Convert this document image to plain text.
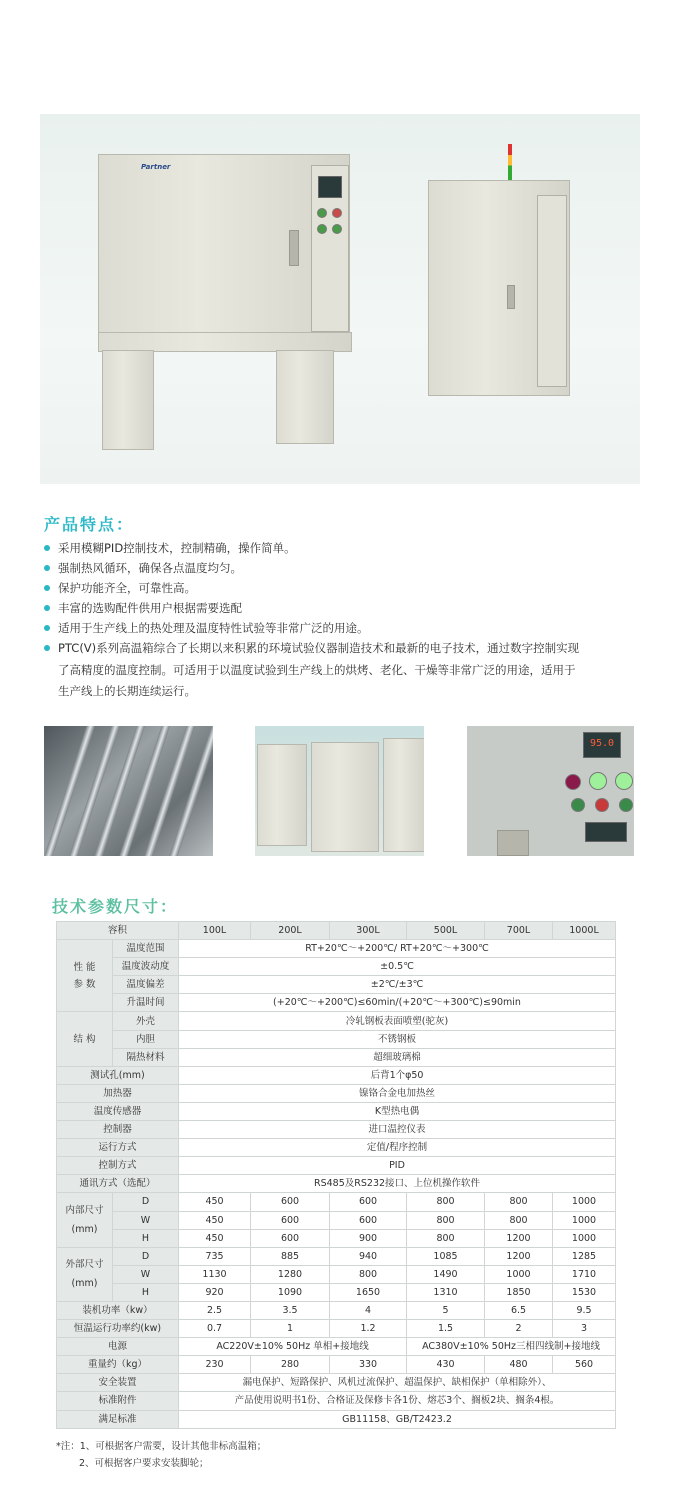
Partner
产品特点：
采用模糊PID控制技术，控制精确，操作简单。
强制热风循环，确保各点温度均匀。
保护功能齐全，可靠性高。
丰富的选购配件供用户根据需要选配
适用于生产线上的热处理及温度特性试验等非常广泛的用途。
PTC(V)系列高温箱综合了长期以来积累的环境试验仪器制造技术和最新的电子技术，通过数字控制实现
了高精度的温度控制。可适用于以温度试验到生产线上的烘烤、老化、干燥等非常广泛的用途，适用于
生产线上的长期连续运行。
95.0
技术参数尺寸：
容积		100L	200L	300L	500L	700L	1000L
性 能
参 数	温度范围	RT+20℃～+200℃/ RT+20℃～+300℃					
	温度波动度	±0.5℃					
	温度偏差	±2℃/±3℃					
	升温时间	(+20℃～+200℃)≤60min/(+20℃～+300℃)≤90min					
结 构	外壳	冷轧钢板表面喷塑(驼灰)					
	内胆	不锈钢板					
	隔热材料	超细玻璃棉					
测试孔(mm)		后背1个φ50					
加热器		镍铬合金电加热丝					
温度传感器		K型热电偶					
控制器		进口温控仪表					
运行方式		定值/程序控制					
控制方式		PID					
通讯方式（选配）		RS485及RS232接口、上位机操作软件					
内部尺寸
(mm)	D	450	600	600	800	800	1000
	W	450	600	600	800	800	1000
	H	450	600	900	800	1200	1000
外部尺寸
(mm)	D	735	885	940	1085	1200	1285
	W	1130	1280	800	1490	1000	1710
	H	920	1090	1650	1310	1850	1530
装机功率（kw）		2.5	3.5	4	5	6.5	9.5
恒温运行功率约(kw)		0.7	1	1.2	1.5	2	3
电源		AC220V±10% 50Hz 单相+接地线			AC380V±10% 50Hz三相四线制+接地线		
重量约（kg）		230	280	330	430	480	560
安全装置		漏电保护、短路保护、风机过流保护、超温保护、缺相保护（单相除外）、					
标准附件		产品使用说明书1份、合格证及保修卡各1份、熔芯3个、搁板2块、搁条4根。					
满足标准		GB11158、GB/T2423.2					
*注：1、可根据客户需要，设计其他非标高温箱；
2、可根据客户要求安装脚轮；
